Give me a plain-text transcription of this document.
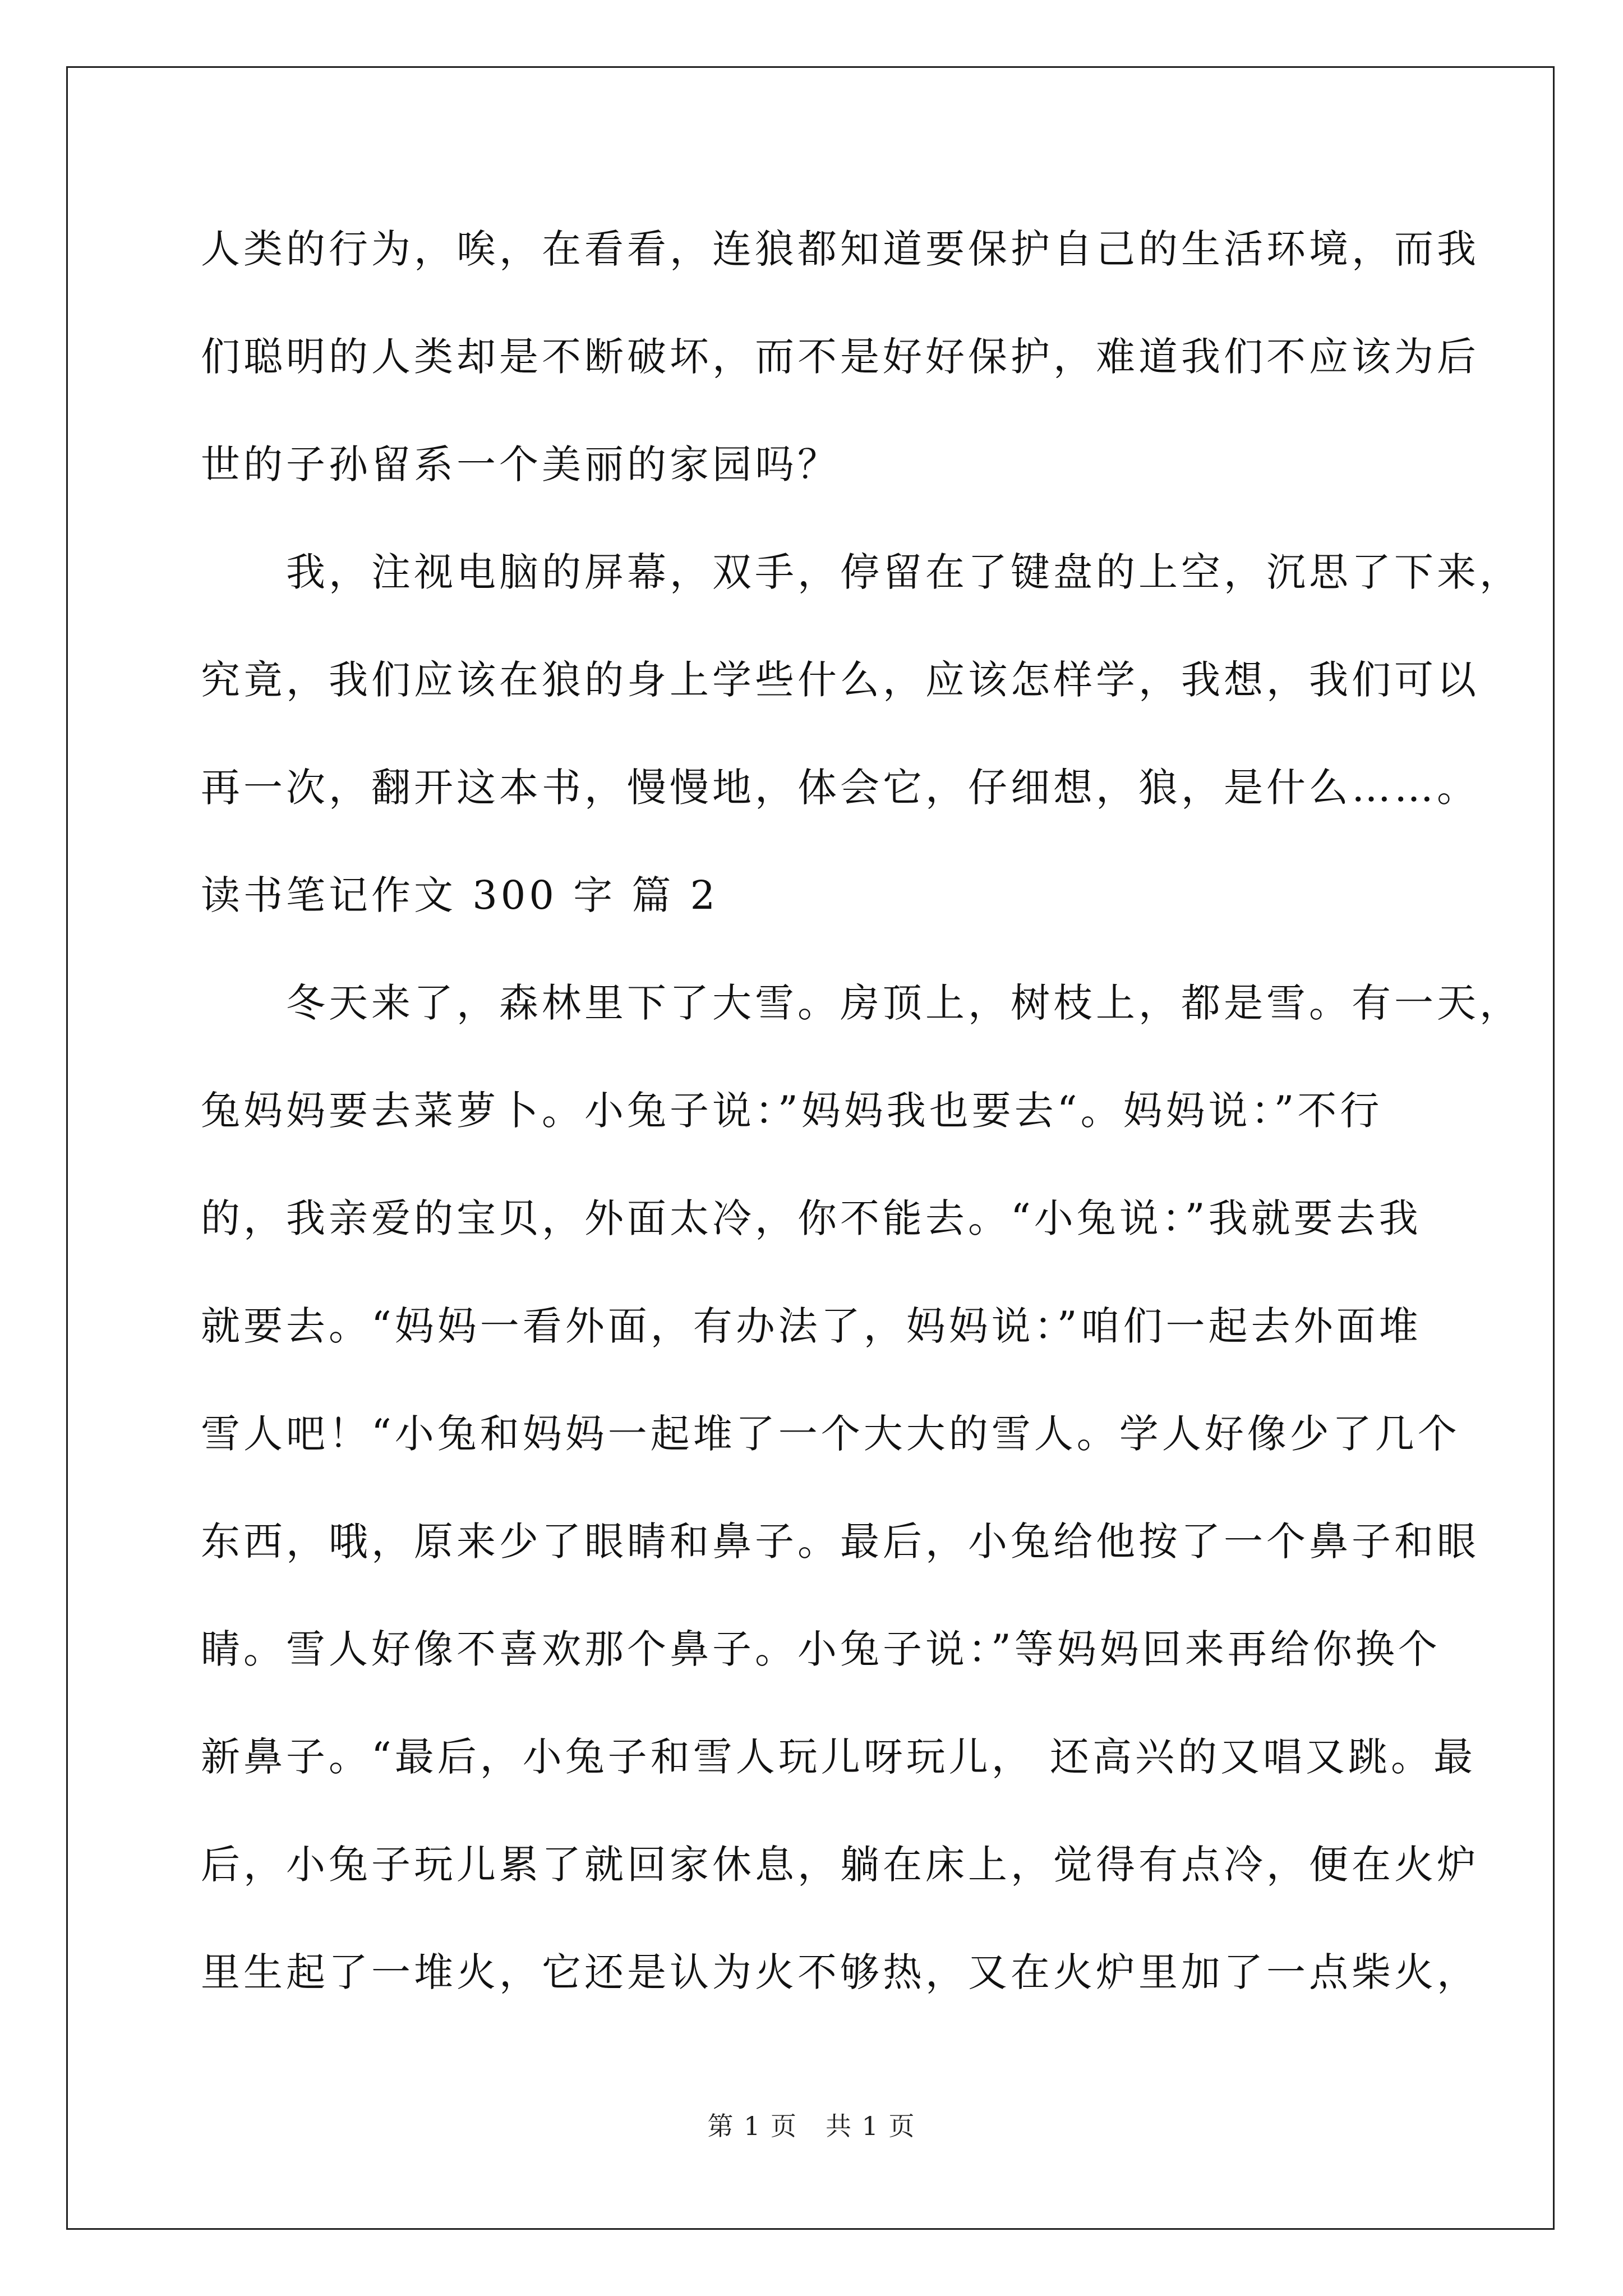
人类的行为，唉，在看看，连狼都知道要保护自己的生活环境，而我
们聪明的人类却是不断破坏，而不是好好保护，难道我们不应该为后
世的子孙留系一个美丽的家园吗？
　　我，注视电脑的屏幕，双手，停留在了键盘的上空，沉思了下来，
究竟，我们应该在狼的身上学些什么，应该怎样学，我想，我们可以
再一次，翻开这本书，慢慢地，体会它，仔细想，狼，是什么……。
读书笔记作文 300 字 篇 2
　　冬天来了，森林里下了大雪。房顶上，树枝上，都是雪。有一天，
兔妈妈要去菜萝卜。小兔子说：”妈妈我也要去“。妈妈说：”不行
的，我亲爱的宝贝，外面太冷，你不能去。“小兔说：”我就要去我
就要去。“妈妈一看外面，有办法了，妈妈说：”咱们一起去外面堆
雪人吧！“小兔和妈妈一起堆了一个大大的雪人。学人好像少了几个
东西，哦，原来少了眼睛和鼻子。最后，小兔给他按了一个鼻子和眼
睛。雪人好像不喜欢那个鼻子。小兔子说：”等妈妈回来再给你换个
新鼻子。“最后，小兔子和雪人玩儿呀玩儿， 还高兴的又唱又跳。最
后，小兔子玩儿累了就回家休息，躺在床上，觉得有点冷，便在火炉
里生起了一堆火，它还是认为火不够热，又在火炉里加了一点柴火，
第 1 页 共 1 页
